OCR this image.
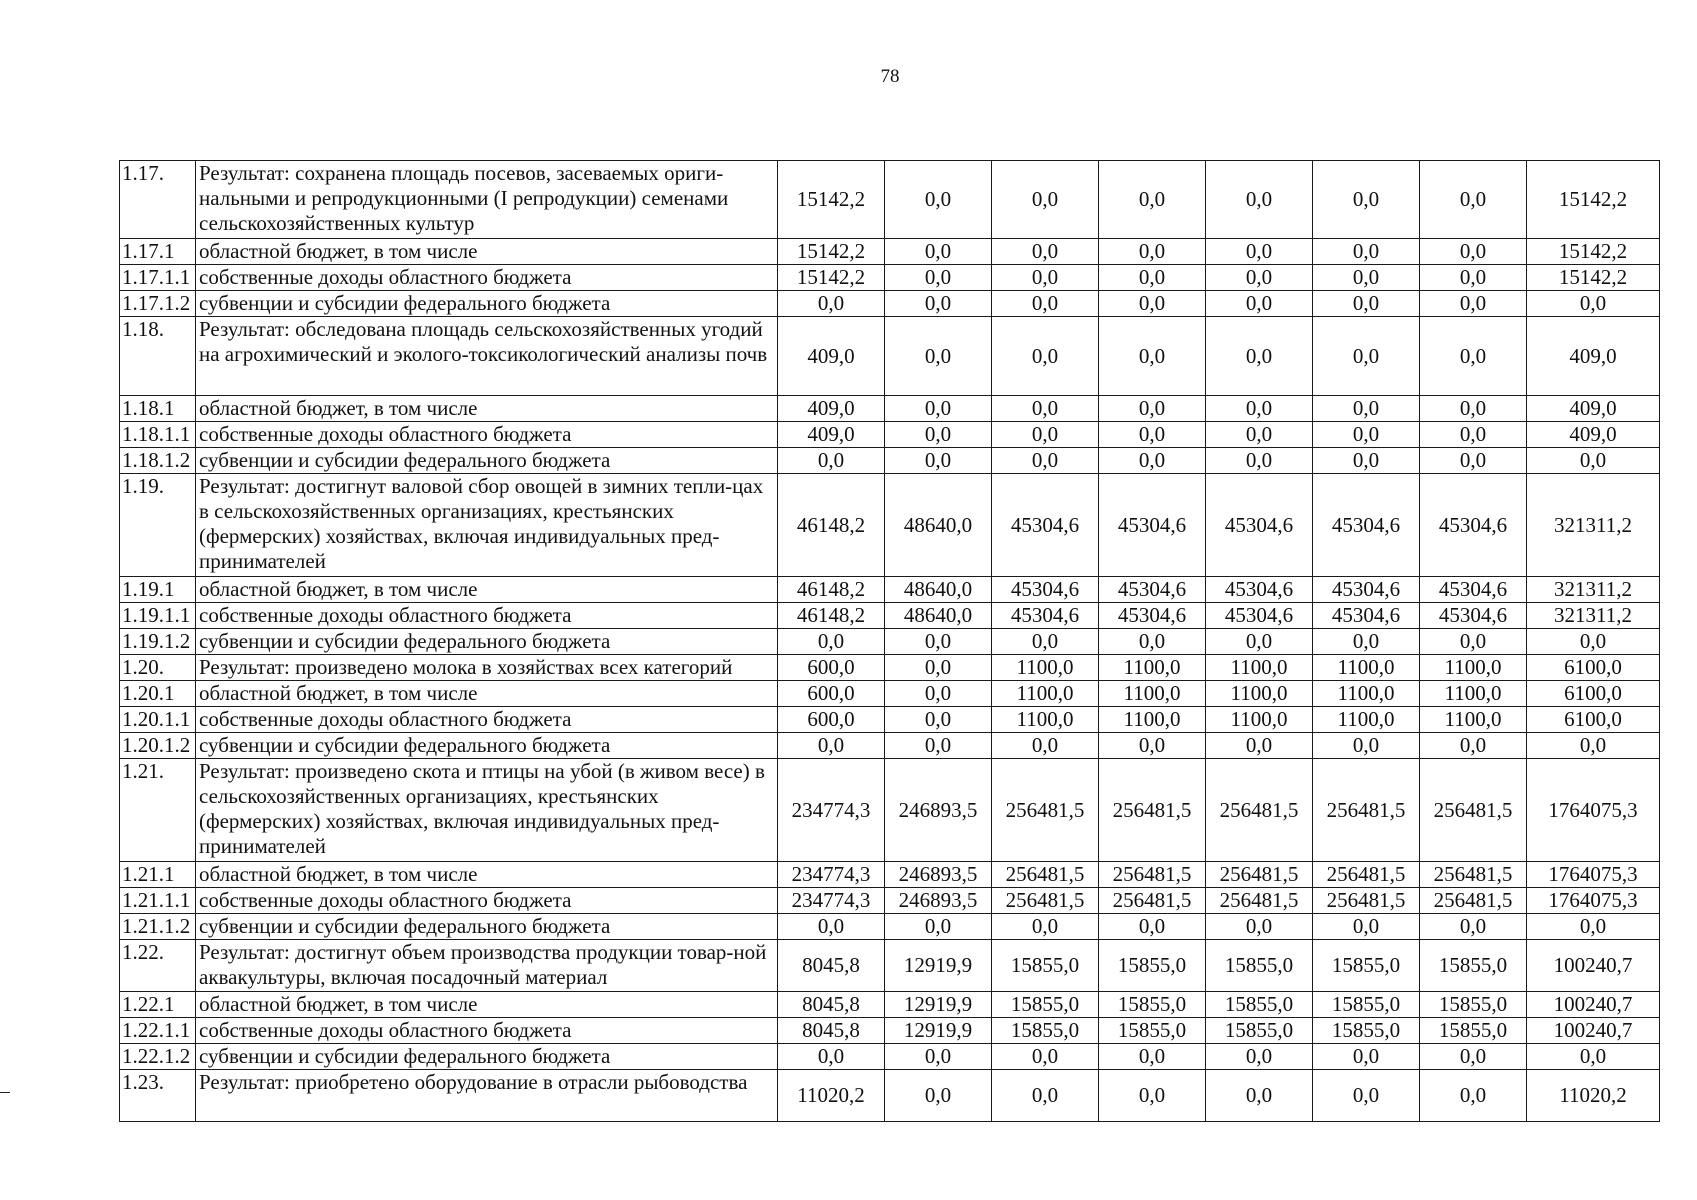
78
1.17.	Результат: сохранена площадь посевов, засеваемых ориги-нальными и репродукционными (I репродукции) семенами сельскохозяйственных культур	15142,2	0,0	0,0	0,0	0,0	0,0	0,0	15142,2
1.17.1	областной бюджет, в том числе	15142,2	0,0	0,0	0,0	0,0	0,0	0,0	15142,2
1.17.1.1	собственные доходы областного бюджета	15142,2	0,0	0,0	0,0	0,0	0,0	0,0	15142,2
1.17.1.2	субвенции и субсидии федерального бюджета	0,0	0,0	0,0	0,0	0,0	0,0	0,0	0,0
1.18.	Результат: обследована площадь сельскохозяйственных угодий на агрохимический и эколого-токсикологический анализы почв	409,0	0,0	0,0	0,0	0,0	0,0	0,0	409,0
1.18.1	областной бюджет, в том числе	409,0	0,0	0,0	0,0	0,0	0,0	0,0	409,0
1.18.1.1	собственные доходы областного бюджета	409,0	0,0	0,0	0,0	0,0	0,0	0,0	409,0
1.18.1.2	субвенции и субсидии федерального бюджета	0,0	0,0	0,0	0,0	0,0	0,0	0,0	0,0
1.19.	Результат: достигнут валовой сбор овощей в зимних тепли-цах в сельскохозяйственных организациях, крестьянских (фермерских) хозяйствах, включая индивидуальных пред-принимателей	46148,2	48640,0	45304,6	45304,6	45304,6	45304,6	45304,6	321311,2
1.19.1	областной бюджет, в том числе	46148,2	48640,0	45304,6	45304,6	45304,6	45304,6	45304,6	321311,2
1.19.1.1	собственные доходы областного бюджета	46148,2	48640,0	45304,6	45304,6	45304,6	45304,6	45304,6	321311,2
1.19.1.2	субвенции и субсидии федерального бюджета	0,0	0,0	0,0	0,0	0,0	0,0	0,0	0,0
1.20.	Результат: произведено молока в хозяйствах всех категорий	600,0	0,0	1100,0	1100,0	1100,0	1100,0	1100,0	6100,0
1.20.1	областной бюджет, в том числе	600,0	0,0	1100,0	1100,0	1100,0	1100,0	1100,0	6100,0
1.20.1.1	собственные доходы областного бюджета	600,0	0,0	1100,0	1100,0	1100,0	1100,0	1100,0	6100,0
1.20.1.2	субвенции и субсидии федерального бюджета	0,0	0,0	0,0	0,0	0,0	0,0	0,0	0,0
1.21.	Результат: произведено скота и птицы на убой (в живом весе) в сельскохозяйственных организациях, крестьянских (фермерских) хозяйствах, включая индивидуальных пред-принимателей	234774,3	246893,5	256481,5	256481,5	256481,5	256481,5	256481,5	1764075,3
1.21.1	областной бюджет, в том числе	234774,3	246893,5	256481,5	256481,5	256481,5	256481,5	256481,5	1764075,3
1.21.1.1	собственные доходы областного бюджета	234774,3	246893,5	256481,5	256481,5	256481,5	256481,5	256481,5	1764075,3
1.21.1.2	субвенции и субсидии федерального бюджета	0,0	0,0	0,0	0,0	0,0	0,0	0,0	0,0
1.22.	Результат: достигнут объем производства продукции товар-ной аквакультуры, включая посадочный материал	8045,8	12919,9	15855,0	15855,0	15855,0	15855,0	15855,0	100240,7
1.22.1	областной бюджет, в том числе	8045,8	12919,9	15855,0	15855,0	15855,0	15855,0	15855,0	100240,7
1.22.1.1	собственные доходы областного бюджета	8045,8	12919,9	15855,0	15855,0	15855,0	15855,0	15855,0	100240,7
1.22.1.2	субвенции и субсидии федерального бюджета	0,0	0,0	0,0	0,0	0,0	0,0	0,0	0,0
1.23.	Результат: приобретено оборудование в отрасли рыбоводства	11020,2	0,0	0,0	0,0	0,0	0,0	0,0	11020,2
